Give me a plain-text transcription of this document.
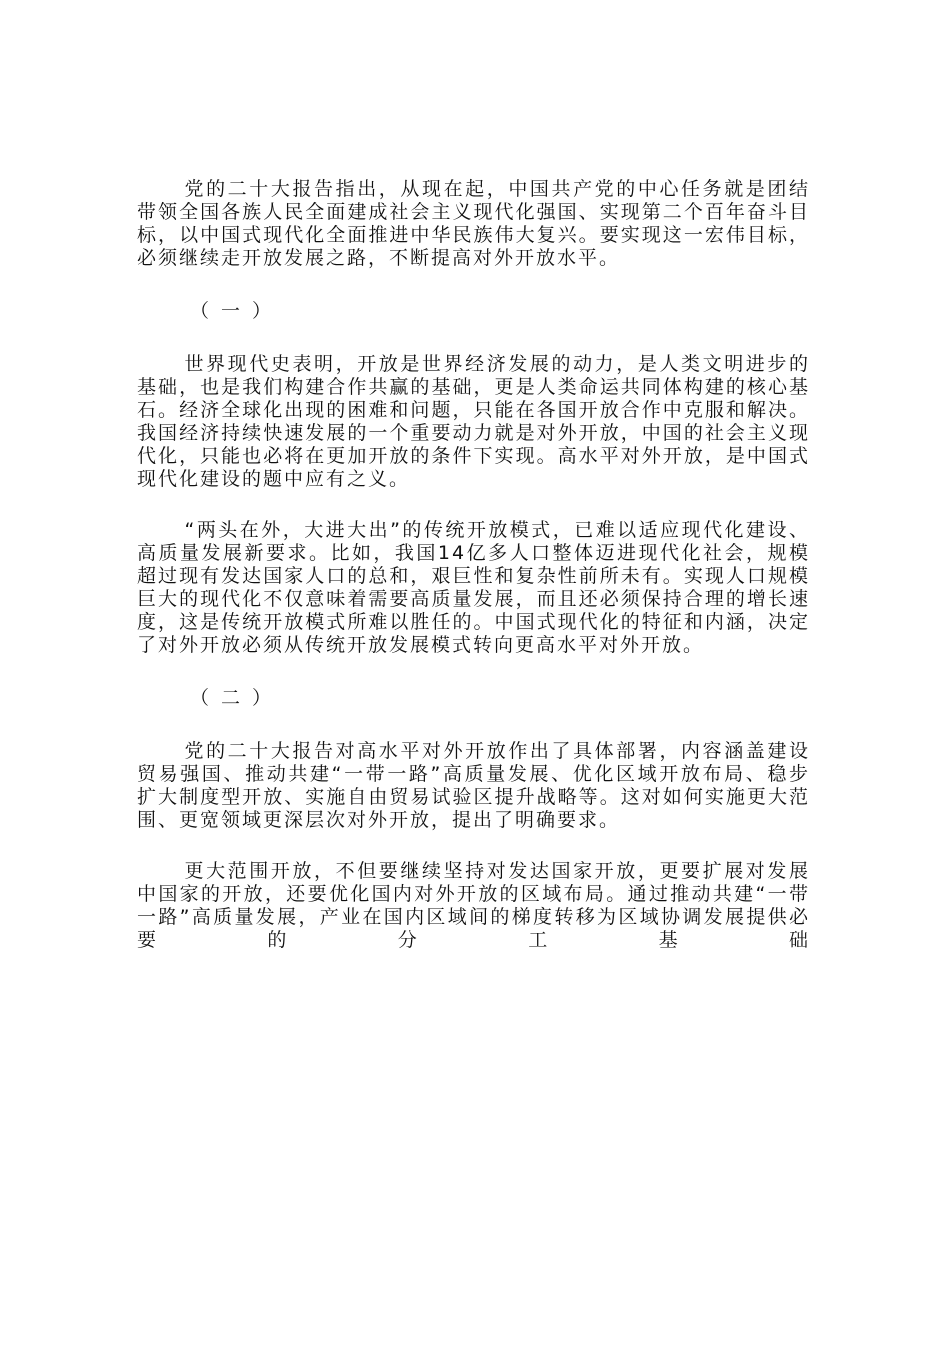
党的二十大报告指出，从现在起，中国共产党的中心任务就是团结带领全国各族人民全面建成社会主义现代化强国、实现第二个百年奋斗目标，以中国式现代化全面推进中华民族伟大复兴。要实现这一宏伟目标，必须继续走开放发展之路，不断提高对外开放水平。

（一）

世界现代史表明，开放是世界经济发展的动力，是人类文明进步的基础，也是我们构建合作共赢的基础，更是人类命运共同体构建的核心基石。经济全球化出现的困难和问题，只能在各国开放合作中克服和解决。我国经济持续快速发展的一个重要动力就是对外开放，中国的社会主义现代化，只能也必将在更加开放的条件下实现。高水平对外开放，是中国式现代化建设的题中应有之义。

“两头在外，大进大出”的传统开放模式，已难以适应现代化建设、高质量发展新要求。比如，我国14亿多人口整体迈进现代化社会，规模超过现有发达国家人口的总和，艰巨性和复杂性前所未有。实现人口规模巨大的现代化不仅意味着需要高质量发展，而且还必须保持合理的增长速度，这是传统开放模式所难以胜任的。中国式现代化的特征和内涵，决定了对外开放必须从传统开放发展模式转向更高水平对外开放。

（二）

党的二十大报告对高水平对外开放作出了具体部署，内容涵盖建设贸易强国、推动共建“一带一路”高质量发展、优化区域开放布局、稳步扩大制度型开放、实施自由贸易试验区提升战略等。这对如何实施更大范围、更宽领域更深层次对外开放，提出了明确要求。

更大范围开放，不但要继续坚持对发达国家开放，更要扩展对发展中国家的开放，还要优化国内对外开放的区域布局。通过推动共建“一带一路”高质量发展，产业在国内区域间的梯度转移为区域协调发展提供必要的分工基础
